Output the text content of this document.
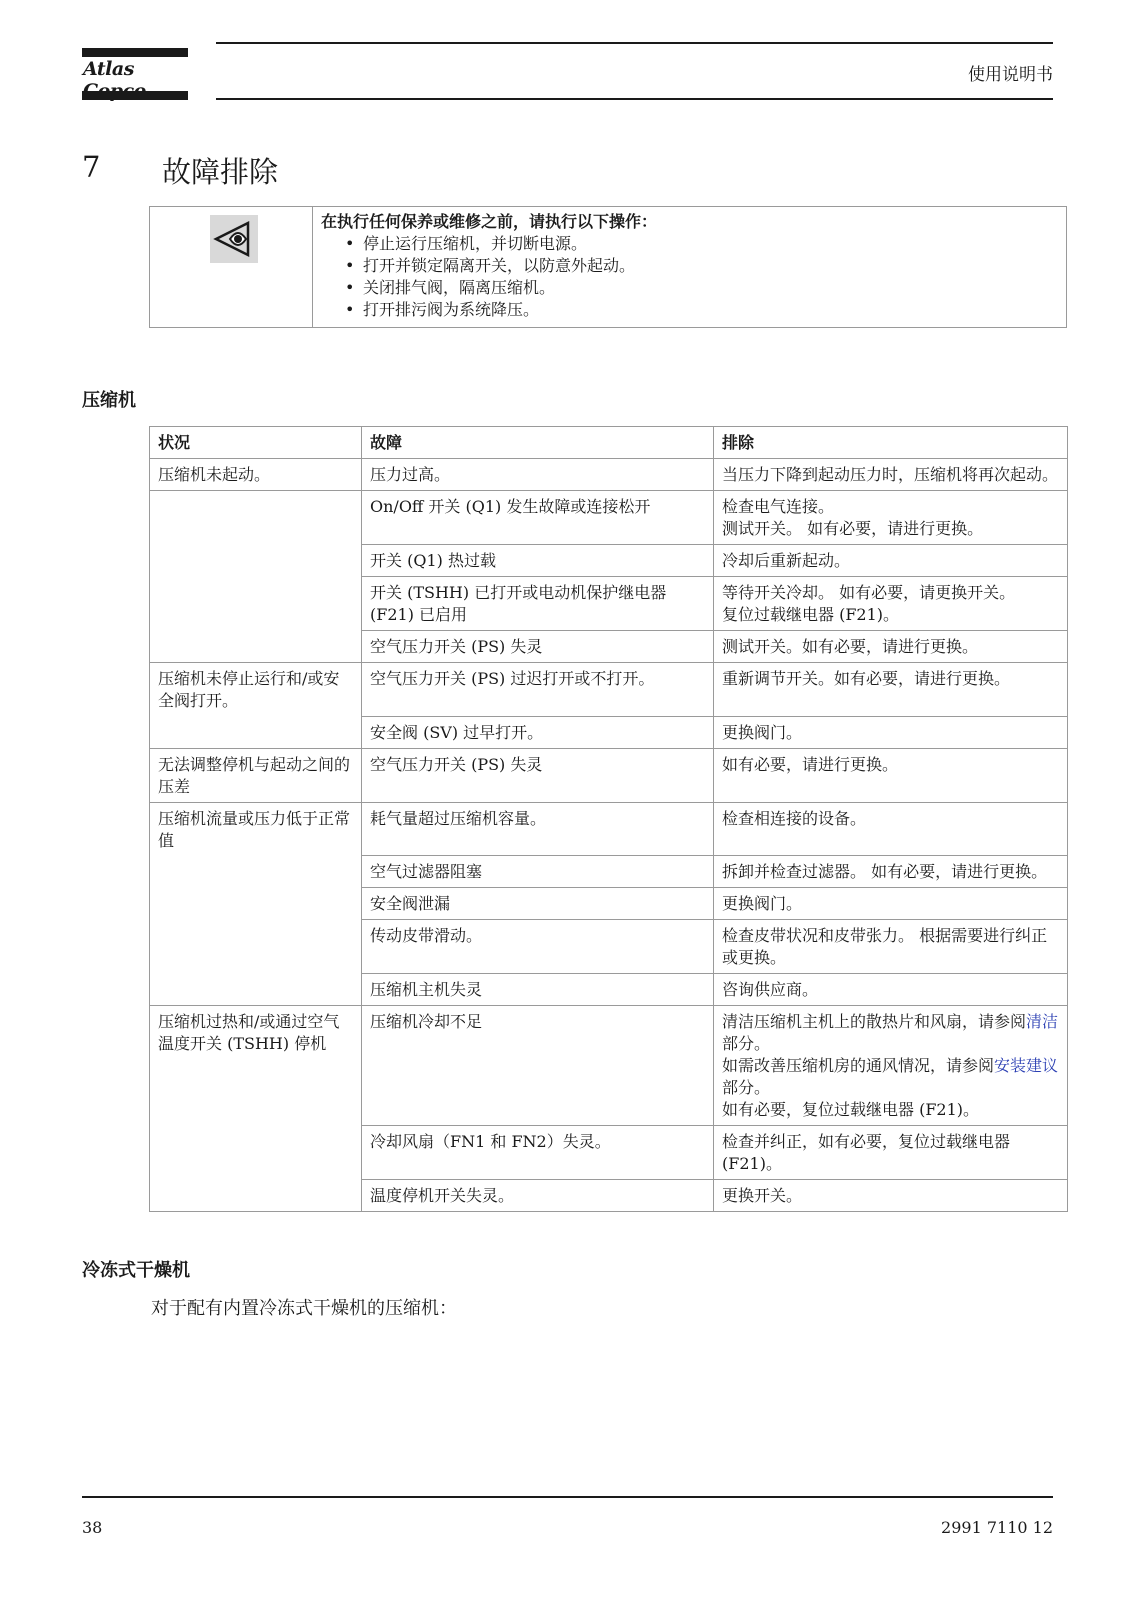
Atlas	使用说明书
7 故障排除
在执行任何保养或维修之前，请执行以下操作：
• 停止运行压缩机，并切断电源。
• 打开并锁定隔离开关，以防意外起动。
• 关闭排气阀，隔离压缩机。
• 打开排污阀为系统降压。
压缩机
状况	故障	排除
压缩机未起动。	压力过高。	当压力下降到起动压力时，压缩机将再次起动。

	On/Off 开关 (Q1) 发生故障或连接松开	检查电气连接。
测试开关。 如有必要，请进行更换。

	开关 (Q1) 热过载	冷却后重新起动。

	开关 (TSHH) 已打开或电动机保护继电器 (F21) 已启用	等待开关冷却。 如有必要，请更换开关。
复位过载继电器 (F21)。

	空气压力开关 (PS) 失灵	测试开关。如有必要，请进行更换。

压缩机未停止运行和/或安全阀打开。	空气压力开关 (PS) 过迟打开或不打开。	重新调节开关。如有必要，请进行更换。

	安全阀 (SV) 过早打开。	更换阀门。

无法调整停机与起动之间的压差	空气压力开关 (PS) 失灵	如有必要，请进行更换。

压缩机流量或压力低于正常值	耗气量超过压缩机容量。	检查相连接的设备。

	空气过滤器阻塞	拆卸并检查过滤器。 如有必要，请进行更换。

	安全阀泄漏	更换阀门。

	传动皮带滑动。	检查皮带状况和皮带张力。 根据需要进行纠正或更换。

	压缩机主机失灵	咨询供应商。

压缩机过热和/或通过空气温度开关 (TSHH) 停机	压缩机冷却不足	清洁压缩机主机上的散热片和风扇，请参阅清洁部分。
如需改善压缩机房的通风情况，请参阅安装建议部分。
如有必要，复位过载继电器 (F21)。

	冷却风扇（FN1 和 FN2）失灵。	检查并纠正，如有必要，复位过载继电器 (F21)。

	温度停机开关失灵。	更换开关。
冷冻式干燥机
对于配有内置冷冻式干燥机的压缩机：
38	2991 7110 12
